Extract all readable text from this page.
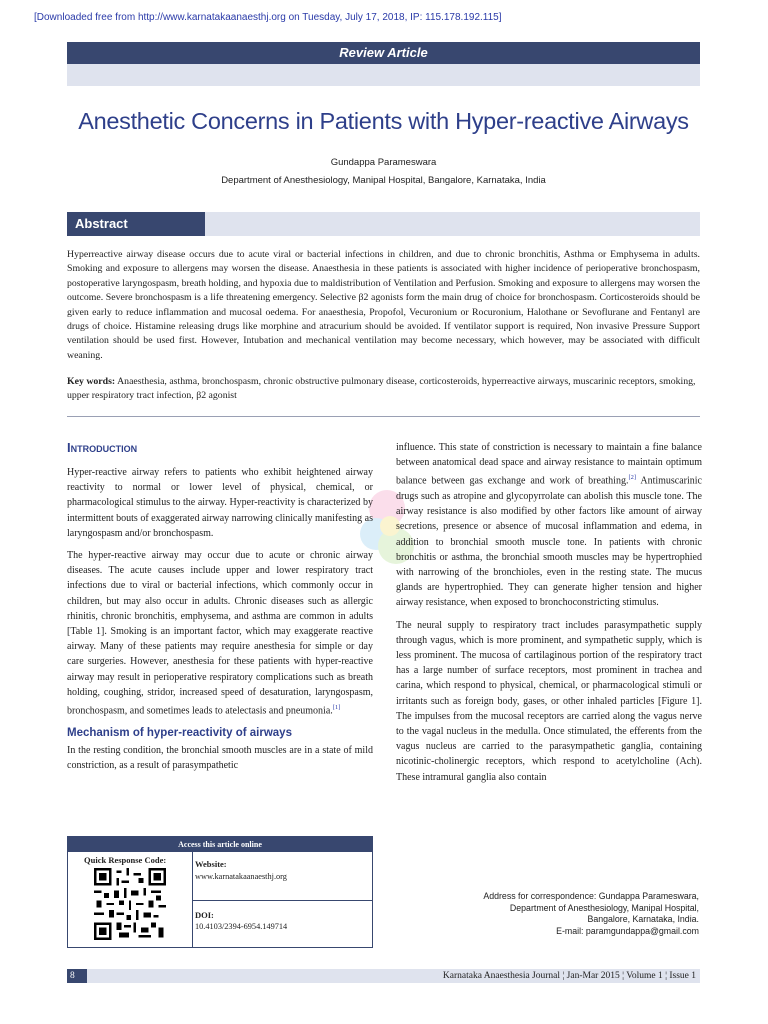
[Downloaded free from http://www.karnatakaanaesthj.org on Tuesday, July 17, 2018, IP: 115.178.192.115]
Review Article
Anesthetic Concerns in Patients with Hyper-reactive Airways
Gundappa Parameswara
Department of Anesthesiology, Manipal Hospital, Bangalore, Karnataka, India
Abstract
Hyperreactive airway disease occurs due to acute viral or bacterial infections in children, and due to chronic bronchitis, Asthma or Emphysema in adults. Smoking and exposure to allergens may worsen the disease. Anaesthesia in these patients is associated with higher incidence of perioperative bronchospasm, postoperative laryngospasm, breath holding, and hypoxia due to maldistribution of Ventilation and Perfusion. Smoking and exposure to allergens may worsen the outcome. Severe bronchospasm is a life threatening emergency. Selective β2 agonists form the main drug of choice for bronchospasm. Corticosteroids should be given early to reduce inflammation and mucosal oedema. For anaesthesia, Propofol, Vecuronium or Rocuronium, Halothane or Sevoflurane and Fentanyl are drugs of choice. Histamine releasing drugs like morphine and atracurium should be avoided. If ventilator support is required, Non invasive Pressure Support ventilation should be used first. However, Intubation and mechanical ventilation may become necessary, which however, may be associated with difficult weaning.
Key words: Anaesthesia, asthma, bronchospasm, chronic obstructive pulmonary disease, corticosteroids, hyperreactive airways, muscarinic receptors, smoking, upper respiratory tract infection, β2 agonist
Introduction

Hyper-reactive airway refers to patients who exhibit heightened airway reactivity to normal or lower level of physical, chemical, or pharmacological stimulus to the airway. Hyper-reactivity is characterized by intermittent bouts of exaggerated airway narrowing clinically manifesting as laryngospasm and/or bronchospasm.

The hyper-reactive airway may occur due to acute or chronic airway diseases. The acute causes include upper and lower respiratory tract infections due to viral or bacterial infections, which commonly occur in children, but may also occur in adults. Chronic diseases such as allergic rhinitis, chronic bronchitis, emphysema, and asthma are common in adults [Table 1]. Smoking is an important factor, which may exaggerate reactive airway. Many of these patients may require anesthesia for simple or day care surgeries. However, anesthesia for these patients with hyper-reactive airway may result in perioperative respiratory complications such as breath holding, coughing, stridor, increased speed of desaturation, laryngospasm, bronchospasm, and sometimes leads to atelectasis and pneumonia.[1]

Mechanism of hyper-reactivity of airways

In the resting condition, the bronchial smooth muscles are in a state of mild constriction, as a result of parasympathetic

influence. This state of constriction is necessary to maintain a fine balance between anatomical dead space and airway resistance to maintain optimum balance between gas exchange and work of breathing.[2] Antimuscarinic drugs such as atropine and glycopyrrolate can abolish this muscle tone. The airway resistance is also modified by other factors like amount of airway secretions, presence or absence of mucosal inflammation and edema, in addition to bronchial smooth muscle tone. In patients with chronic bronchitis or asthma, the bronchial smooth muscles may be hypertrophied with narrowing of the bronchioles, even in the resting state. The mucus glands are hypertrophied. They can generate higher tension and higher airway resistance, when exposed to bronchoconstricting stimulus.

The neural supply to respiratory tract includes parasympathetic supply through vagus, which is more prominent, and sympathetic supply, which is less prominent. The mucosa of cartilaginous portion of the respiratory tract has a large number of surface receptors, most prominent in trachea and carina, which respond to physical, chemical, or pharmacological stimuli or irritants such as foreign body, gases, or other inhaled particles [Figure 1]. The impulses from the mucosal receptors are carried along the vagus nerve to the vagal nucleus in the medulla. Once stimulated, the efferents from the vagus nucleus are carried to the parasympathetic ganglia, containing nicotinic-cholinergic receptors, which respond to acetylcholine (Ach). These intramural ganglia also contain

Access this article online
Quick Response Code:	Website:
www.karnatakaanaesthj.org
DOI:
10.4103/2394-6954.149714
Address for correspondence: Gundappa Parameswara,
Department of Anesthesiology, Manipal Hospital,
Bangalore, Karnataka, India.
E-mail: paramgundappa@gmail.com
8	Karnataka Anaesthesia Journal ¦ Jan-Mar 2015 ¦ Volume 1 ¦ Issue 1
